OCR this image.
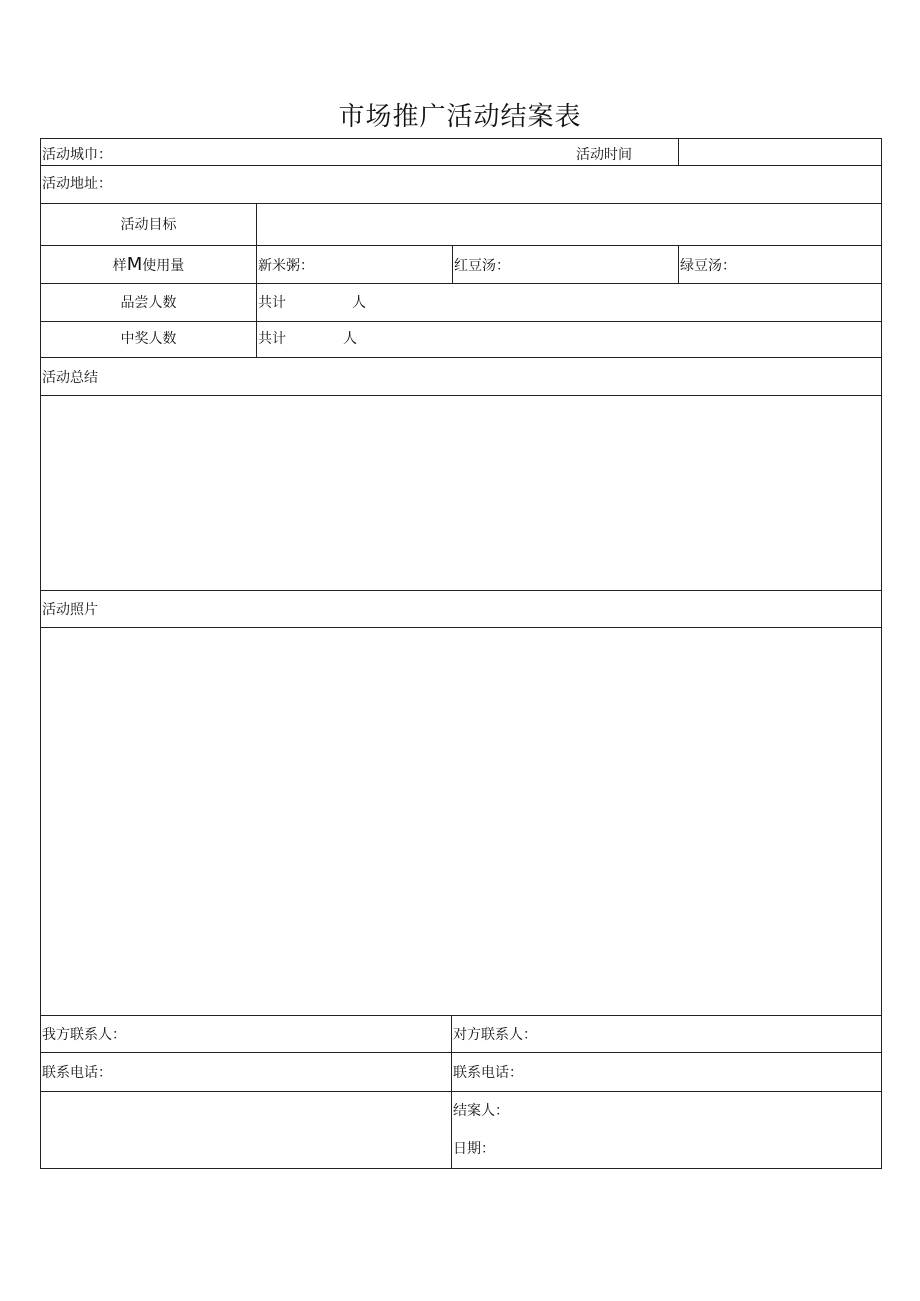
市场推广活动结案表
活动城巾：	活动时间
活动地址：
活动目标
样M使用量	新米粥：	红豆汤：	绿豆汤：
品尝人数	共计	人
中奖人数	共计	人
活动总结
活动照片
我方联系人：	对方联系人：
联系电话：	联系电话：
结案人：
日期：
